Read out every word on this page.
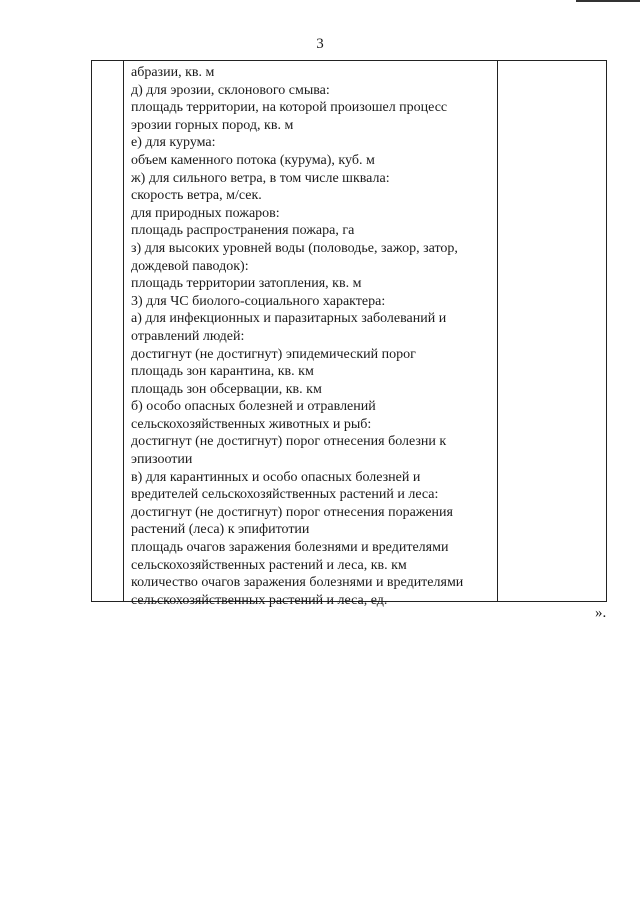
3
абразии, кв. м
д) для эрозии, склонового смыва:
площадь территории, на которой произошел процесс
эрозии горных пород, кв. м
е) для курума:
объем каменного потока (курума), куб. м
ж) для сильного ветра, в том числе шквала:
скорость ветра, м/сек.
для природных пожаров:
площадь распространения пожара, га
з) для высоких уровней воды (половодье, зажор, затор,
дождевой паводок):
площадь территории затопления, кв. м
3) для ЧС биолого-социального характера:
а) для инфекционных и паразитарных заболеваний и
отравлений людей:
достигнут (не достигнут) эпидемический порог
площадь зон карантина, кв. км
площадь зон обсервации, кв. км
б) особо опасных болезней и отравлений
сельскохозяйственных животных и рыб:
достигнут (не достигнут) порог отнесения болезни к
эпизоотии
в) для карантинных и особо опасных болезней и
вредителей сельскохозяйственных растений и леса:
достигнут (не достигнут) порог отнесения поражения
растений (леса) к эпифитотии
площадь очагов заражения болезнями и вредителями
сельскохозяйственных растений и леса, кв. км
количество очагов заражения болезнями и вредителями
сельскохозяйственных растений и леса, ед.
».
